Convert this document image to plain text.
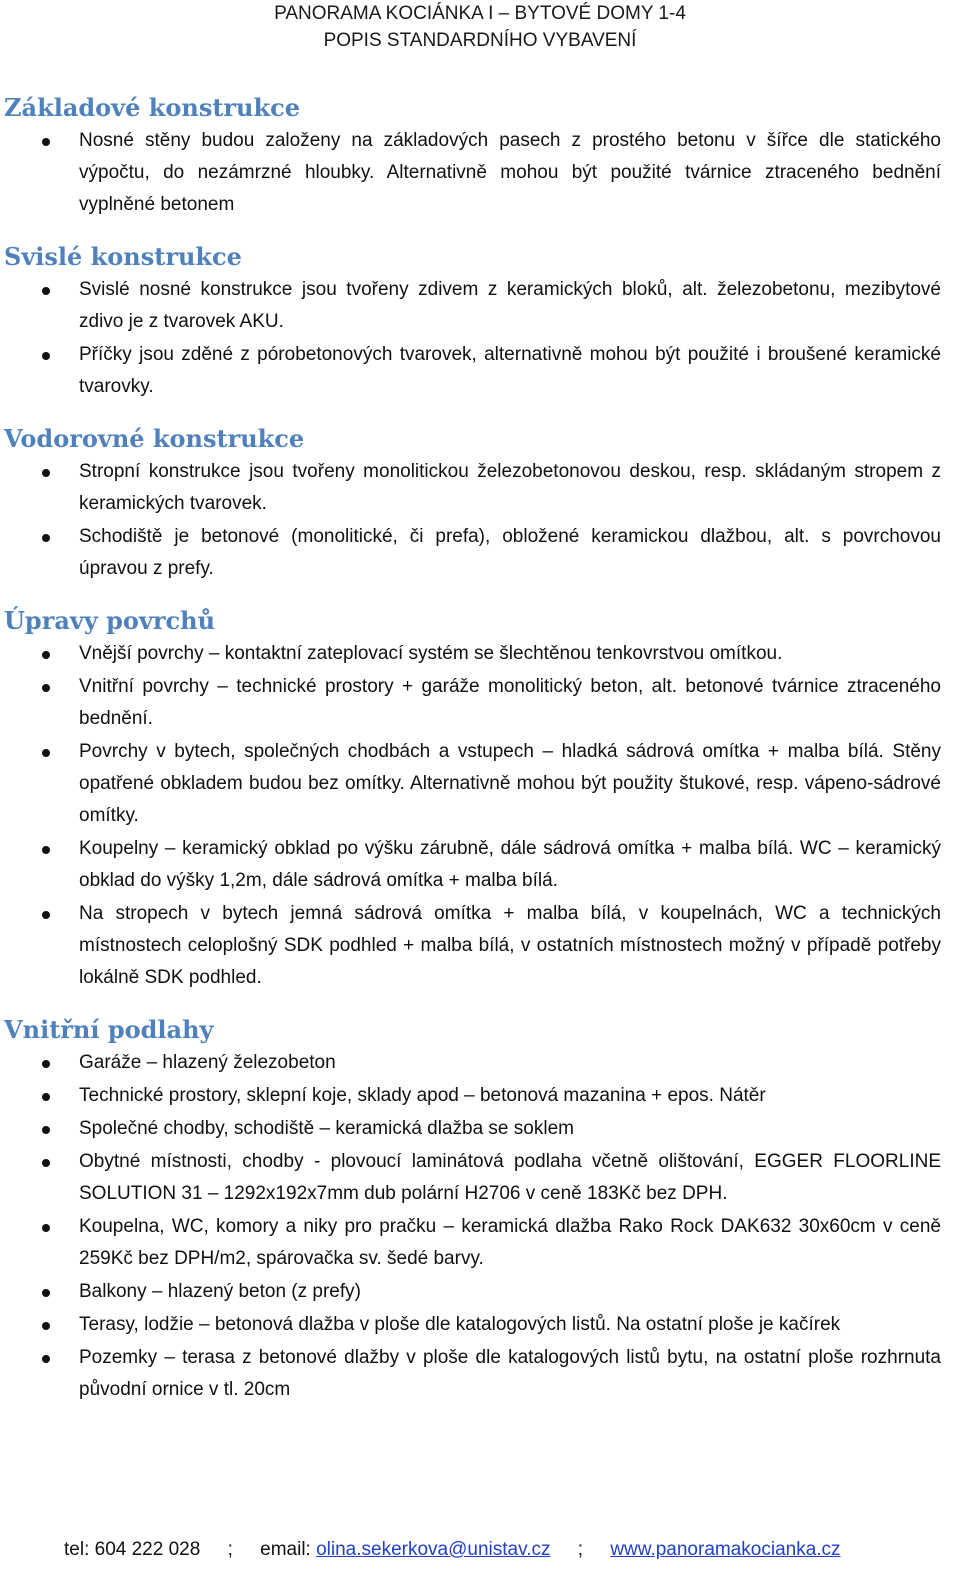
PANORAMA KOCIÁNKA I – BYTOVÉ DOMY 1-4
POPIS STANDARDNÍHO VYBAVENÍ
Základové konstrukce
Nosné stěny budou založeny na základových pasech z prostého betonu v šířce dle statického výpočtu, do nezámrzné hloubky. Alternativně mohou být použité tvárnice ztraceného bednění vyplněné betonem
Svislé konstrukce
Svislé nosné konstrukce jsou tvořeny zdivem z keramických bloků, alt. železobetonu, mezibytové zdivo je z tvarovek AKU.
Příčky jsou zděné z pórobetonových tvarovek, alternativně mohou být použité i broušené keramické tvarovky.
Vodorovné konstrukce
Stropní konstrukce jsou tvořeny monolitickou železobetonovou deskou, resp. skládaným stropem z keramických tvarovek.
Schodiště je betonové (monolitické, či prefa), obložené keramickou dlažbou, alt. s povrchovou úpravou z prefy.
Úpravy povrchů
Vnější povrchy – kontaktní zateplovací systém se šlechtěnou tenkovrstvou omítkou.
Vnitřní povrchy – technické prostory + garáže monolitický beton, alt. betonové tvárnice ztraceného bednění.
Povrchy v bytech, společných chodbách a vstupech – hladká sádrová omítka + malba bílá. Stěny opatřené obkladem budou bez omítky. Alternativně mohou být použity štukové, resp. vápeno-sádrové omítky.
Koupelny – keramický obklad po výšku zárubně, dále sádrová omítka + malba bílá. WC – keramický obklad do výšky 1,2m, dále sádrová omítka + malba bílá.
Na stropech v bytech jemná sádrová omítka + malba bílá, v koupelnách, WC a technických místnostech celoplošný SDK podhled + malba bílá, v ostatních místnostech možný v případě potřeby lokálně SDK podhled.
Vnitřní podlahy
Garáže – hlazený železobeton
Technické prostory, sklepní koje, sklady apod – betonová mazanina + epos. Nátěr
Společné chodby, schodiště – keramická dlažba se soklem
Obytné místnosti, chodby - plovoucí laminátová podlaha včetně olištování, EGGER FLOORLINE SOLUTION 31 – 1292x192x7mm dub polární H2706 v ceně 183Kč bez DPH.
Koupelna, WC, komory a niky pro pračku – keramická dlažba Rako Rock DAK632 30x60cm v ceně 259Kč bez DPH/m2, spárovačka sv. šedé barvy.
Balkony – hlazený beton (z prefy)
Terasy, lodžie – betonová dlažba v ploše dle katalogových listů. Na ostatní ploše je kačírek
Pozemky – terasa z betonové dlažby v ploše dle katalogových listů bytu, na ostatní ploše rozhrnuta původní ornice v tl. 20cm
tel: 604 222 028 ; email: olina.sekerkova@unistav.cz ; www.panoramakocianka.cz
